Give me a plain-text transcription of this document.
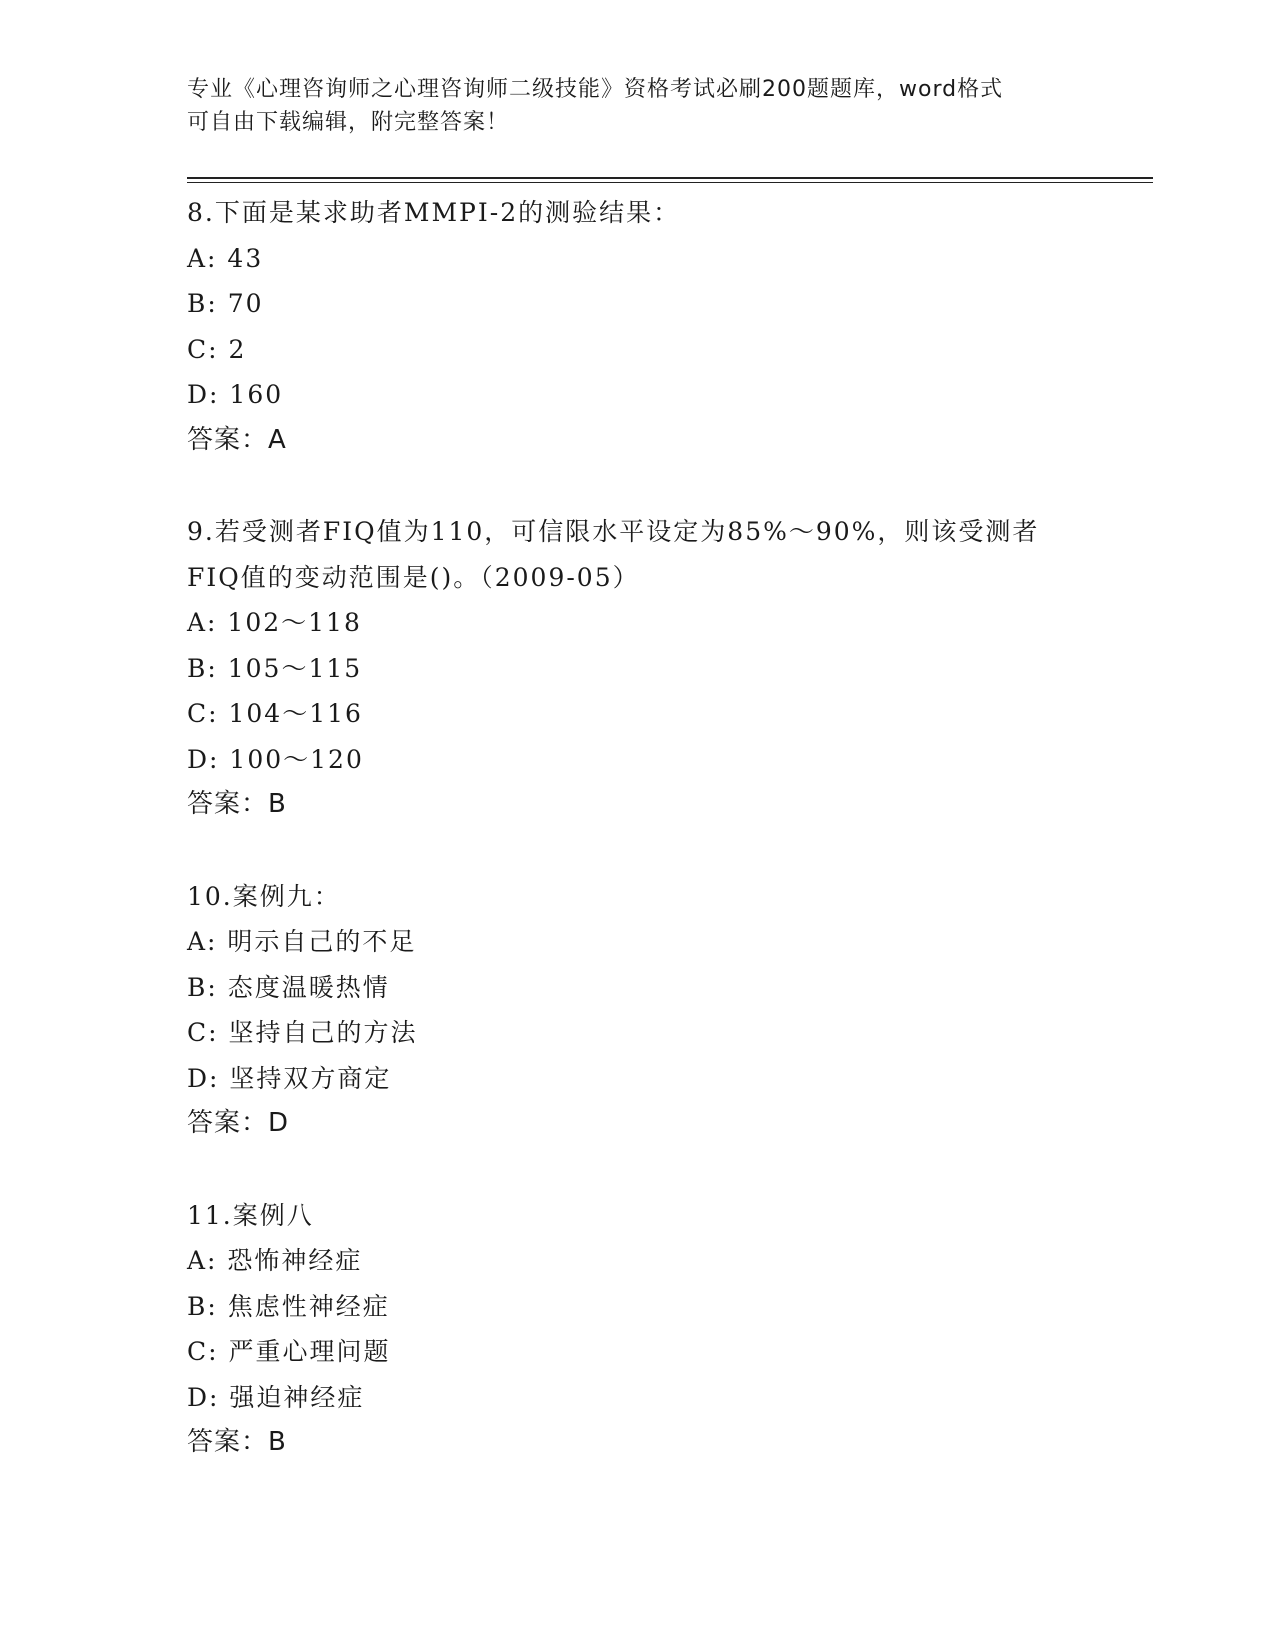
专业《心理咨询师之心理咨询师二级技能》资格考试必刷200题题库，word格式
可自由下载编辑，附完整答案！
8.下面是某求助者MMPI-2的测验结果：
A: 43
B: 70
C: 2
D: 160
答案：A
9.若受测者FIQ值为110，可信限水平设定为85%～90%，则该受测者
FIQ值的变动范围是()。（2009-05）
A: 102～118
B: 105～115
C: 104～116
D: 100～120
答案：B
10.案例九：
A: 明示自己的不足
B: 态度温暖热情
C: 坚持自己的方法
D: 坚持双方商定
答案：D
11.案例八
A: 恐怖神经症
B: 焦虑性神经症
C: 严重心理问题
D: 强迫神经症
答案：B
